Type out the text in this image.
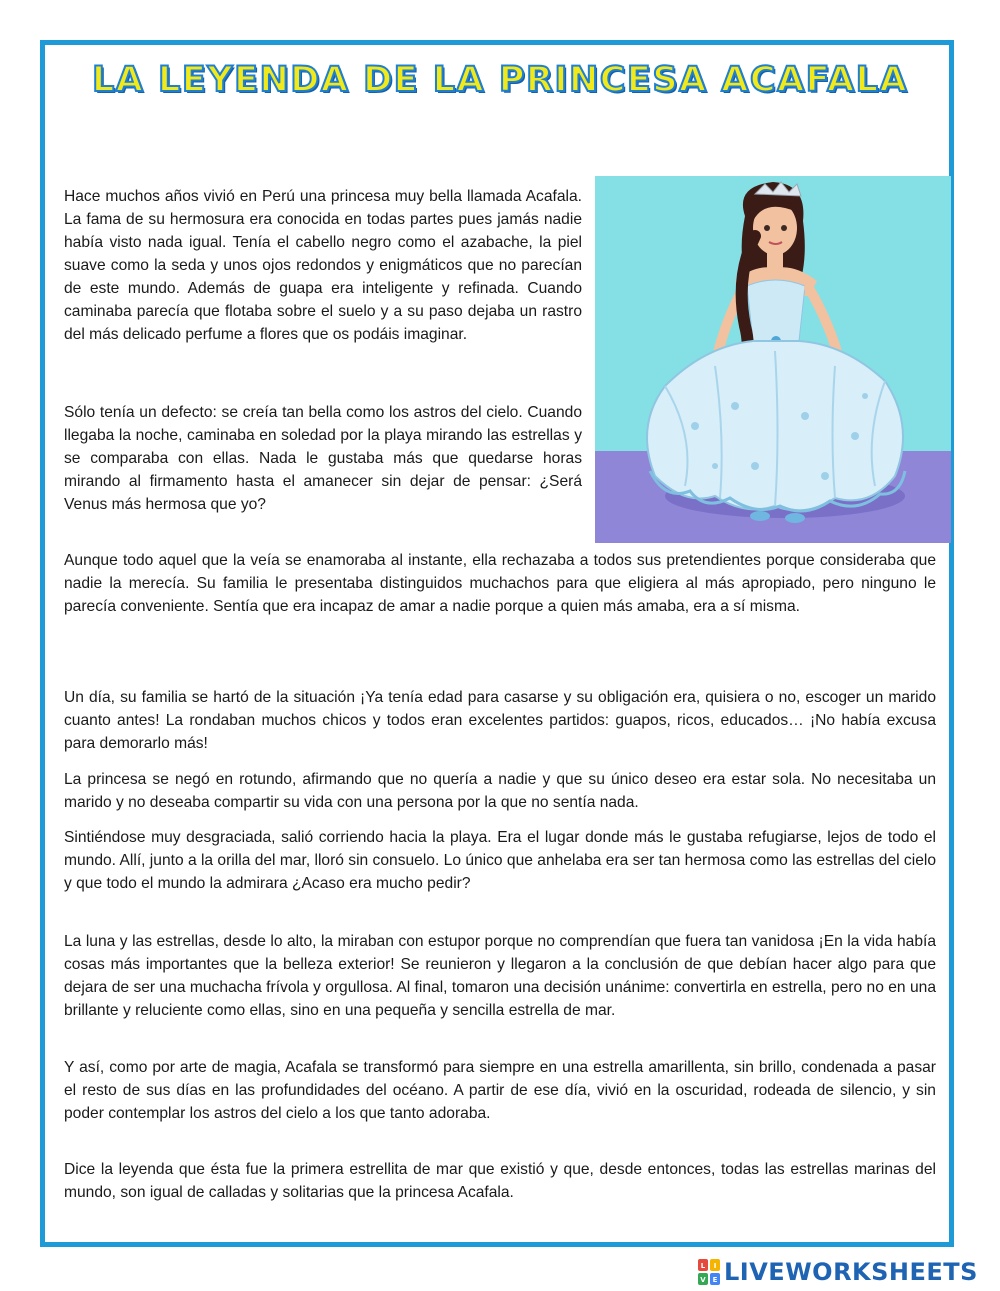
LA LEYENDA DE LA PRINCESA ACAFALA

Hace muchos años vivió en Perú una princesa muy bella llamada Acafala. La fama de su hermosura era conocida en todas partes pues jamás nadie había visto nada igual. Tenía el cabello negro como el azabache, la piel suave como la seda y unos ojos redondos y enigmáticos que no parecían de este mundo. Además de guapa era inteligente y refinada. Cuando caminaba parecía que flotaba sobre el suelo y a su paso dejaba un rastro del más delicado perfume a flores que os podáis imaginar.

Sólo tenía un defecto: se creía tan bella como los astros del cielo. Cuando llegaba la noche, caminaba en soledad por la playa mirando las estrellas y se comparaba con ellas. Nada le gustaba más que quedarse horas mirando al firmamento hasta el amanecer sin dejar de pensar: ¿Será Venus más hermosa que yo?

Aunque todo aquel que la veía se enamoraba al instante, ella rechazaba a todos sus pretendientes porque consideraba que nadie la merecía. Su familia le presentaba distinguidos muchachos para que eligiera al más apropiado, pero ninguno le parecía conveniente. Sentía que era incapaz de amar a nadie porque a quien más amaba, era a sí misma.

Un día, su familia se hartó de la situación ¡Ya tenía edad para casarse y su obligación era, quisiera o no, escoger un marido cuanto antes! La rondaban muchos chicos y todos eran excelentes partidos: guapos, ricos, educados… ¡No había excusa para demorarlo más!

La princesa se negó en rotundo, afirmando que no quería a nadie y que su único deseo era estar sola. No necesitaba un marido y no deseaba compartir su vida con una persona por la que no sentía nada.

Sintiéndose muy desgraciada, salió corriendo hacia la playa. Era el lugar donde más le gustaba refugiarse, lejos de todo el mundo. Allí, junto a la orilla del mar, lloró sin consuelo. Lo único que anhelaba era ser tan hermosa como las estrellas del cielo y que todo el mundo la admirara ¿Acaso era mucho pedir?

La luna y las estrellas, desde lo alto, la miraban con estupor porque no comprendían que fuera tan vanidosa ¡En la vida había cosas más importantes que la belleza exterior! Se reunieron y llegaron a la conclusión de que debían hacer algo para que dejara de ser una muchacha frívola y orgullosa. Al final, tomaron una decisión unánime: convertirla en estrella, pero no en una brillante y reluciente como ellas, sino en una pequeña y sencilla estrella de mar.

Y así, como por arte de magia, Acafala se transformó para siempre en una estrella amarillenta, sin brillo, condenada a pasar el resto de sus días en las profundidades del océano. A partir de ese día, vivió en la oscuridad, rodeada de silencio, y sin poder contemplar los astros del cielo a los que tanto adoraba.

Dice la leyenda que ésta fue la primera estrellita de mar que existió y que, desde entonces, todas las estrellas marinas del mundo, son igual de calladas y solitarias que la princesa Acafala.

L I
V E LIVEWORKSHEETS
